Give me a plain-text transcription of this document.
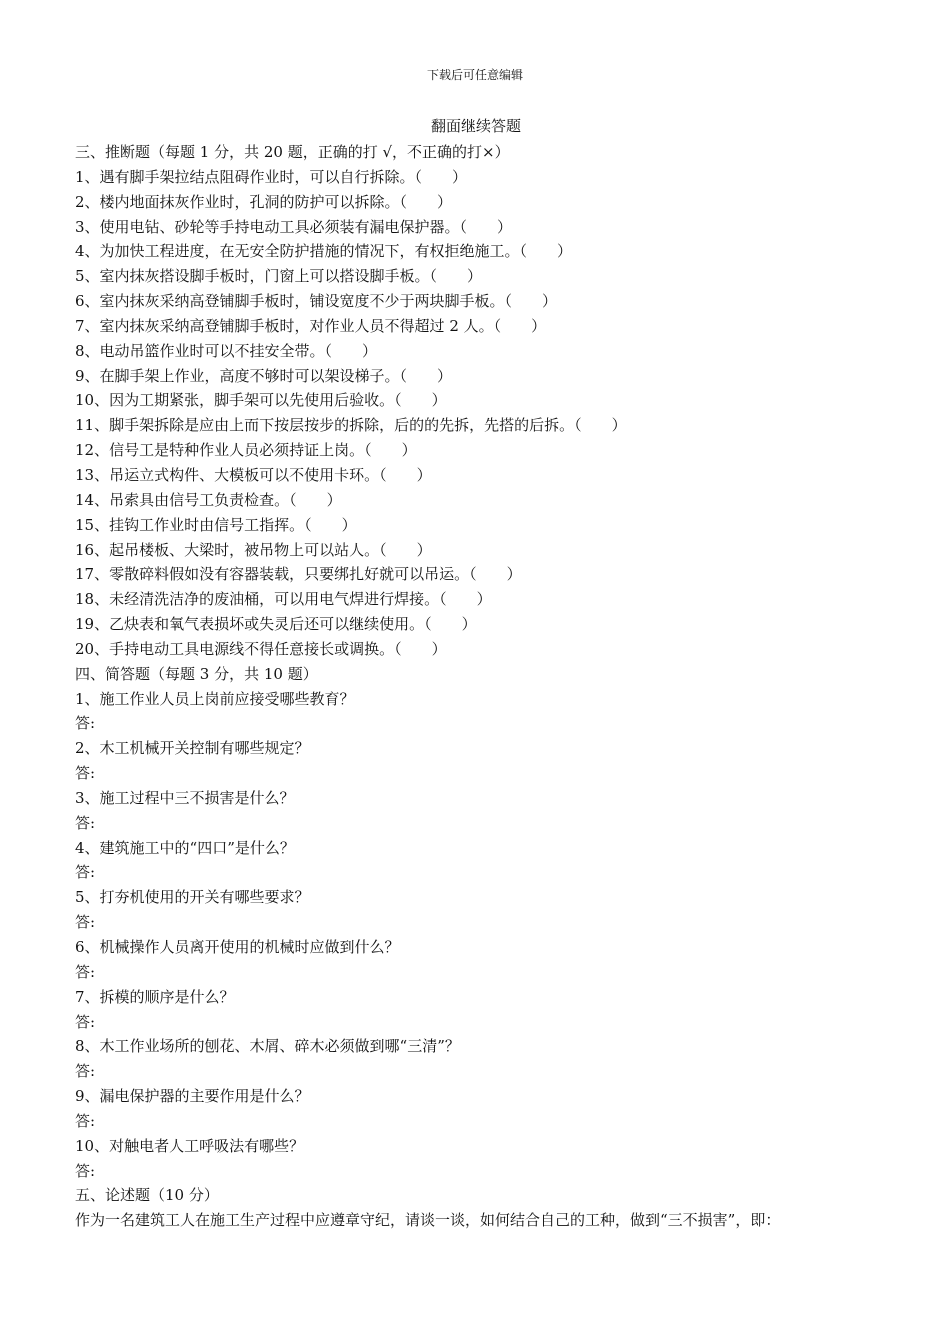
下载后可任意编辑
翻面继续答题
三、推断题（每题 1 分，共 20 题，正确的打 √，不正确的打×）
1、遇有脚手架拉结点阻碍作业时，可以自行拆除。（　　）
2、楼内地面抹灰作业时，孔洞的防护可以拆除。（　　）
3、使用电钻、砂轮等手持电动工具必须装有漏电保护器。（　　）
4、为加快工程进度，在无安全防护措施的情况下，有权拒绝施工。（　　）
5、室内抹灰搭设脚手板时，门窗上可以搭设脚手板。（　　）
6、室内抹灰采纳高登铺脚手板时，铺设宽度不少于两块脚手板。（　　）
7、室内抹灰采纳高登铺脚手板时，对作业人员不得超过 2 人。（　　）
8、电动吊篮作业时可以不挂安全带。（　　）
9、在脚手架上作业，高度不够时可以架设梯子。（　　）
10、因为工期紧张，脚手架可以先使用后验收。（　　）
11、脚手架拆除是应由上而下按层按步的拆除，后的的先拆，先搭的后拆。（　　）
12、信号工是特种作业人员必须持证上岗。（　　）
13、吊运立式构件、大模板可以不使用卡环。（　　）
14、吊索具由信号工负责检查。（　　）
15、挂钩工作业时由信号工指挥。（　　）
16、起吊楼板、大梁时，被吊物上可以站人。（　　）
17、零散碎料假如没有容器装载，只要绑扎好就可以吊运。（　　）
18、未经清洗洁净的废油桶，可以用电气焊进行焊接。（　　）
19、乙炔表和氧气表损坏或失灵后还可以继续使用。（　　）
20、手持电动工具电源线不得任意接长或调换。（　　）
四、简答题（每题 3 分，共 10 题）
1、施工作业人员上岗前应接受哪些教育？
答:
2、木工机械开关控制有哪些规定？
答:
3、施工过程中三不损害是什么？
答:
4、建筑施工中的“四口”是什么？
答:
5、打夯机使用的开关有哪些要求？
答:
6、机械操作人员离开使用的机械时应做到什么？
答:
7、拆模的顺序是什么？
答:
8、木工作业场所的刨花、木屑、碎木必须做到哪“三清”？
答:
9、漏电保护器的主要作用是什么？
答:
10、对触电者人工呼吸法有哪些？
答:
五、论述题（10 分）
作为一名建筑工人在施工生产过程中应遵章守纪，请谈一谈，如何结合自己的工种，做到“三不损害”，即：
